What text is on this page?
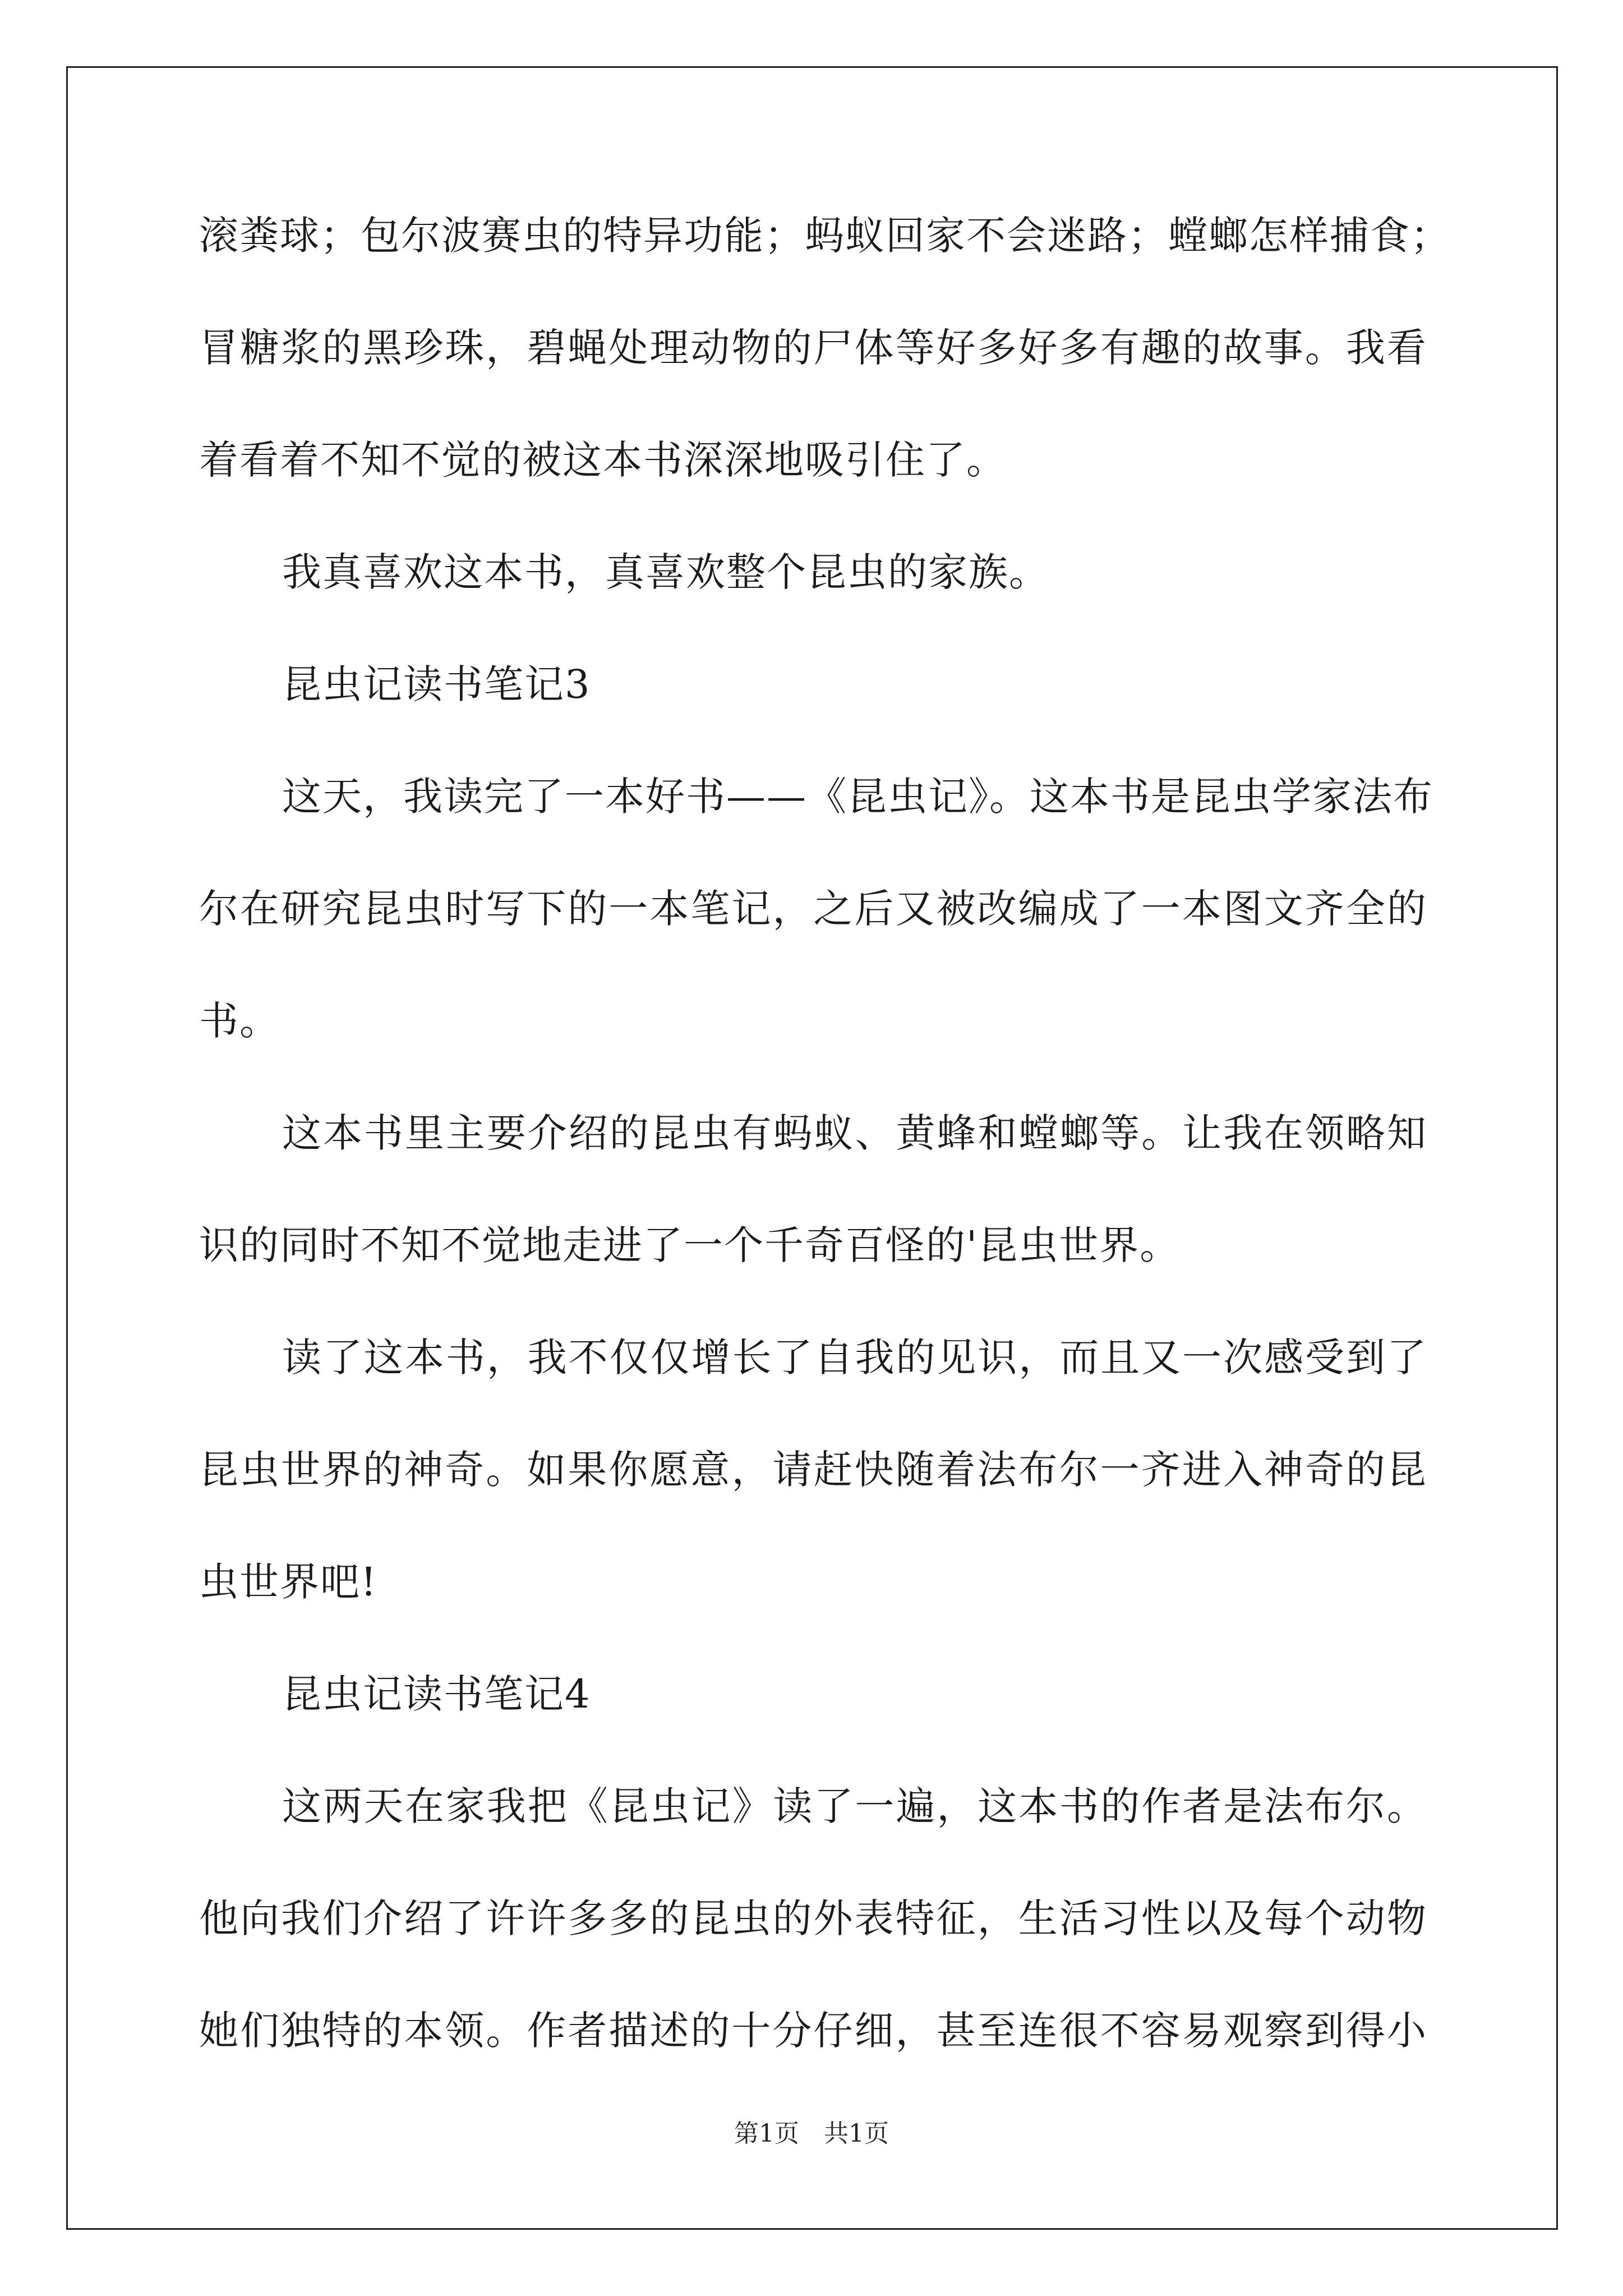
滚粪球；包尔波赛虫的特异功能；蚂蚁回家不会迷路；螳螂怎样捕食；
冒糖浆的黑珍珠，碧蝇处理动物的尸体等好多好多有趣的故事。我看
着看着不知不觉的被这本书深深地吸引住了。
我真喜欢这本书，真喜欢整个昆虫的家族。
昆虫记读书笔记3
这天，我读完了一本好书——《昆虫记》。这本书是昆虫学家法布
尔在研究昆虫时写下的一本笔记，之后又被改编成了一本图文齐全的
书。
这本书里主要介绍的昆虫有蚂蚁、黄蜂和螳螂等。让我在领略知
识的同时不知不觉地走进了一个千奇百怪的'昆虫世界。
读了这本书，我不仅仅增长了自我的见识，而且又一次感受到了
昆虫世界的神奇。如果你愿意，请赶快随着法布尔一齐进入神奇的昆
虫世界吧!
昆虫记读书笔记4
这两天在家我把《昆虫记》读了一遍，这本书的作者是法布尔。
他向我们介绍了许许多多的昆虫的外表特征，生活习性以及每个动物
她们独特的本领。作者描述的十分仔细，甚至连很不容易观察到得小
第1页 共1页
